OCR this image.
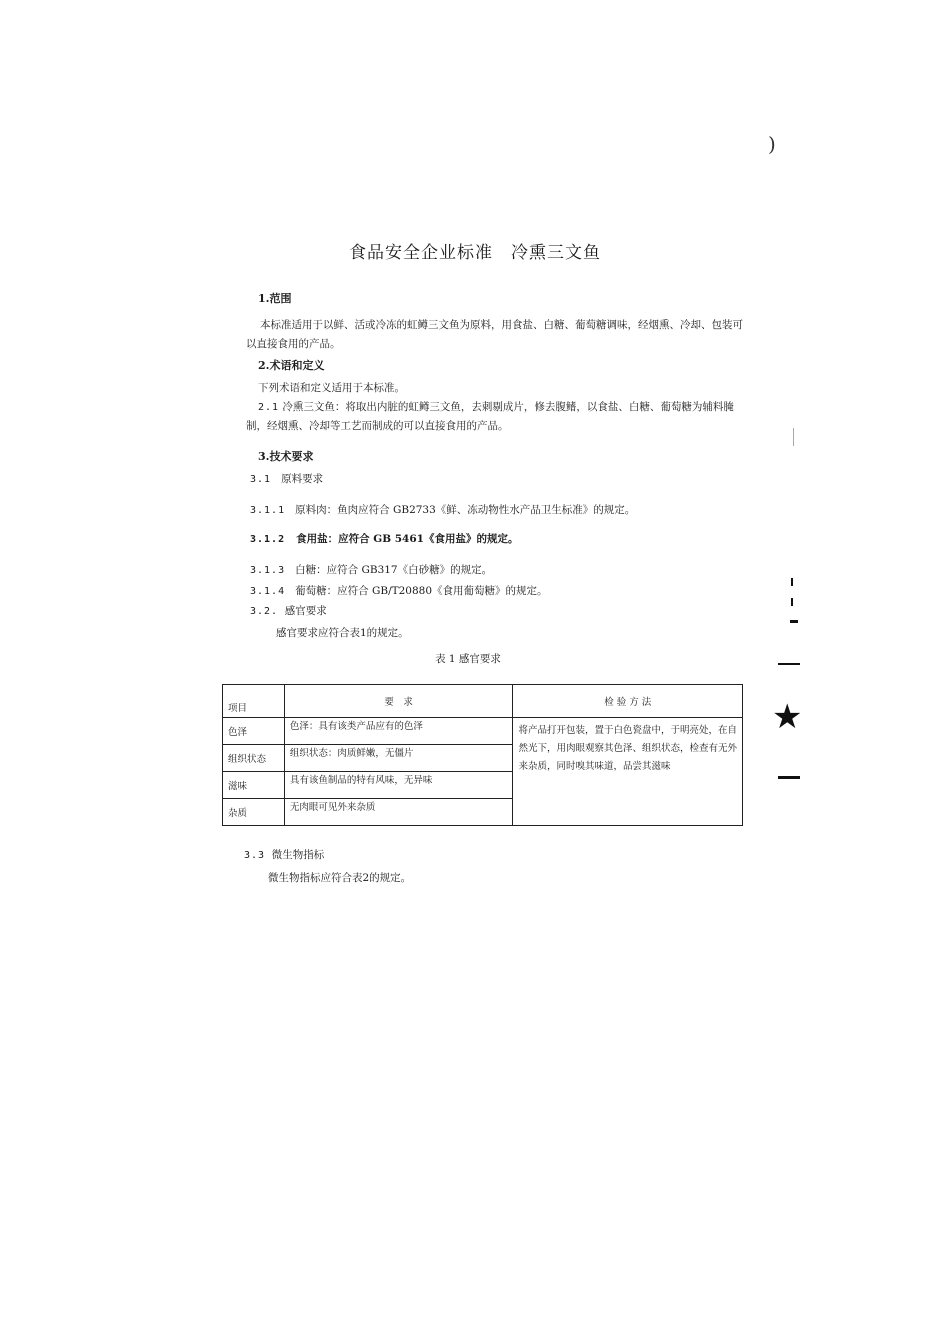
)
★
食品安全企业标准　冷熏三文鱼
1.范围
本标准适用于以鲜、活或冷冻的虹鳟三文鱼为原料，用食盐、白糖、葡萄糖调味，经烟熏、冷却、包装可以直接食用的产品。
2.术语和定义
下列术语和定义适用于本标准。
2.1 冷熏三文鱼：将取出内脏的虹鳟三文鱼，去刺剔成片，修去腹鳍，以食盐、白糖、葡萄糖为辅料腌制，经烟熏、冷却等工艺而制成的可以直接食用的产品。
3.技术要求
3.1 原料要求
3.1.1 原料肉：鱼肉应符合 GB2733《鲜、冻动物性水产品卫生标准》的规定。
3.1.2 食用盐：应符合 GB 5461《食用盐》的规定。
3.1.3 白糖：应符合 GB317《白砂糖》的规定。
3.1.4 葡萄糖：应符合 GB/T20880《食用葡萄糖》的规定。
3.2. 感官要求
感官要求应符合表1的规定。
表 1 感官要求
项目	要　求	检 验 方 法
色泽	色泽：具有该类产品应有的色泽	将产品打开包装，置于白色瓷盘中，于明亮处，在自然光下，用肉眼观察其色泽、组织状态，检查有无外来杂质，同时嗅其味道，品尝其滋味
组织状态	组织状态：肉质鲜嫩，无僵片	
滋味	具有该鱼制品的特有风味，无异味	
杂质	无肉眼可见外来杂质	
3.3 微生物指标
微生物指标应符合表2的规定。
